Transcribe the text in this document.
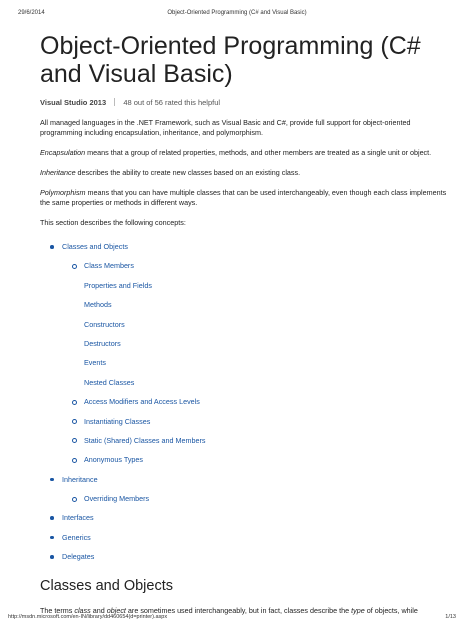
29/6/2014	Object-Oriented Programming (C# and Visual Basic)
Object-Oriented Programming (C# and Visual Basic)
Visual Studio 2013 48 out of 56 rated this helpful

All managed languages in the .NET Framework, such as Visual Basic and C#, provide full support for object-oriented programming including encapsulation, inheritance, and polymorphism.

Encapsulation means that a group of related properties, methods, and other members are treated as a single unit or object.

Inheritance describes the ability to create new classes based on an existing class.

Polymorphism means that you can have multiple classes that can be used interchangeably, even though each class implements the same properties or methods in different ways.

This section describes the following concepts:

Classes and Objects
Class Members
Properties and Fields
Methods
Constructors
Destructors
Events
Nested Classes
Access Modifiers and Access Levels
Instantiating Classes
Static (Shared) Classes and Members
Anonymous Types
Inheritance
Overriding Members
Interfaces
Generics
Delegates
Classes and Objects

The terms class and object are sometimes used interchangeably, but in fact, classes describe the type of objects, while

http://msdn.microsoft.com/en-IN/library/dd460654(d=printer).aspx	1/13
